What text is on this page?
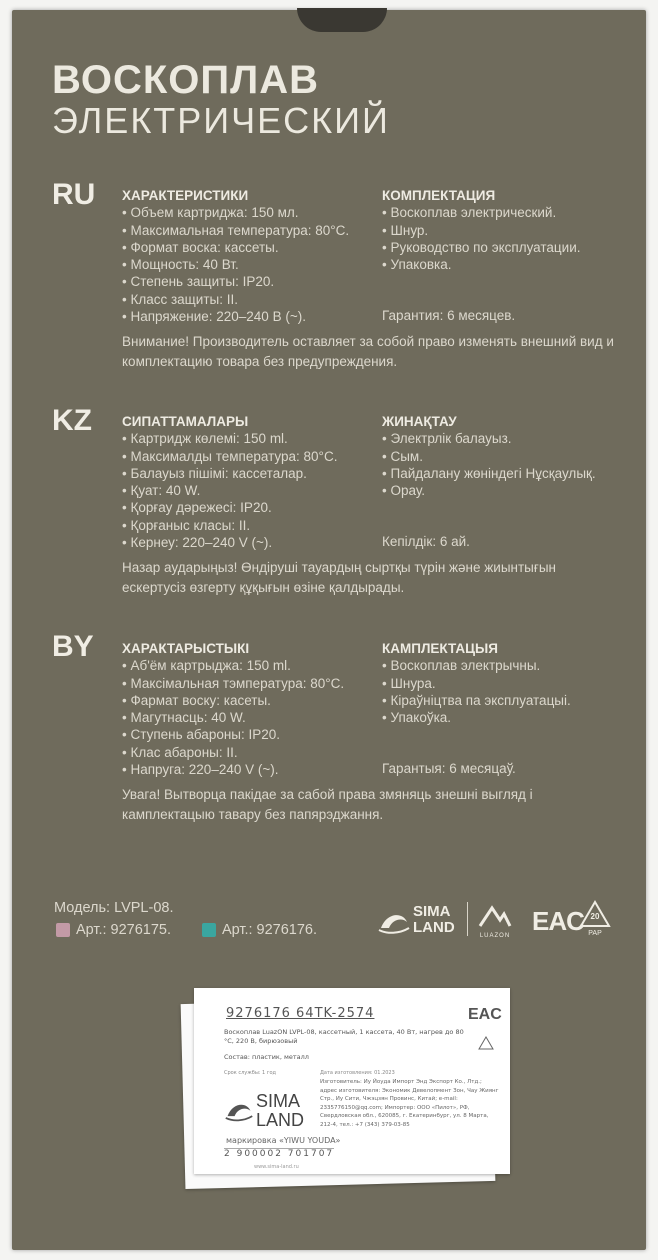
ВОСКОПЛАВ
ЭЛЕКТРИЧЕСКИЙ
RU ХАРАКТЕРИСТИКИ
• Объем картриджа: 150 мл.
• Максимальная температура: 80°С.
• Формат воска: кассеты.
• Мощность: 40 Вт.
• Степень защиты: IP20.
• Класс защиты: II.
• Напряжение: 220–240 В (~).
КОМПЛЕКТАЦИЯ
• Воскоплав электрический.
• Шнур.
• Руководство по эксплуатации.
• Упаковка.
Гарантия: 6 месяцев.
Внимание! Производитель оставляет за собой право изменять внешний вид и комплектацию товара без предупреждения.
KZ СИПАТТАМАЛАРЫ
• Картридж көлемі: 150 ml.
• Максималды температура: 80°С.
• Балауыз пішімі: кассеталар.
• Қуат: 40 W.
• Қорғау дәрежесі: IP20.
• Қорғаныс класы: II.
• Кернеу: 220–240 V (~).
ЖИНАҚТАУ
• Электрлік балауыз.
• Сым.
• Пайдалану жөніндегі Нұсқаулық.
• Орау.
Кепілдік: 6 ай.
Назар аударыңыз! Өндіруші тауардың сыртқы түрін және жиынтығын ескертусіз өзгерту құқығын өзіне қалдырады.
BY ХАРАКТАРЫСТЫКІ
• Аб'ём картрыджа: 150 ml.
• Максімальная тэмпература: 80°С.
• Фармат воску: касеты.
• Магутнасць: 40 W.
• Ступень абароны: IP20.
• Клас абароны: II.
• Напруга: 220–240 V (~).
КАМПЛЕКТАЦЫЯ
• Воскоплав электрычны.
• Шнура.
• Кіраўніцтва па эксплуатацыі.
• Упакоўка.
Гарантыя: 6 месяцаў.
Увага! Вытворца пакідае за сабой права змяняць знешні выгляд і камплектацыю тавару без папярэджання.
Модель: LVPL-08.
Арт.: 9276175.	Арт.: 9276176.
SIMA
LAND	LUAZON EAC 20
PAP
9276176 64TK-2574
Воскоплав LuazON LVPL-08, кассетный, 1 кассета, 40 Вт, нагрев до 80 °С, 220 В, бирюзовый
Состав: пластик, металл
Срок службы: 1 год	Дата изготовления: 01.2023
Изготовитель: Иу Йоуда Импорт Энд Экспорт Ко., Лтд.; адрес изготовителя: Экономик Девелопмент Зон, Чау Жиянг Стр., Иу Сити, Чжэцзян Провинс, Китай; e-mail: 2335776150@qq.com; Импортер: ООО «Пилот», РФ, Свердловская обл., 620085, г. Екатеринбург, ул. 8 Марта, 212-4, тел.: +7 (343) 379-03-85
SIMA
LAND
EAC
маркировка «YIWU YOUDA»
2 900002 701707
www.sima-land.ru
